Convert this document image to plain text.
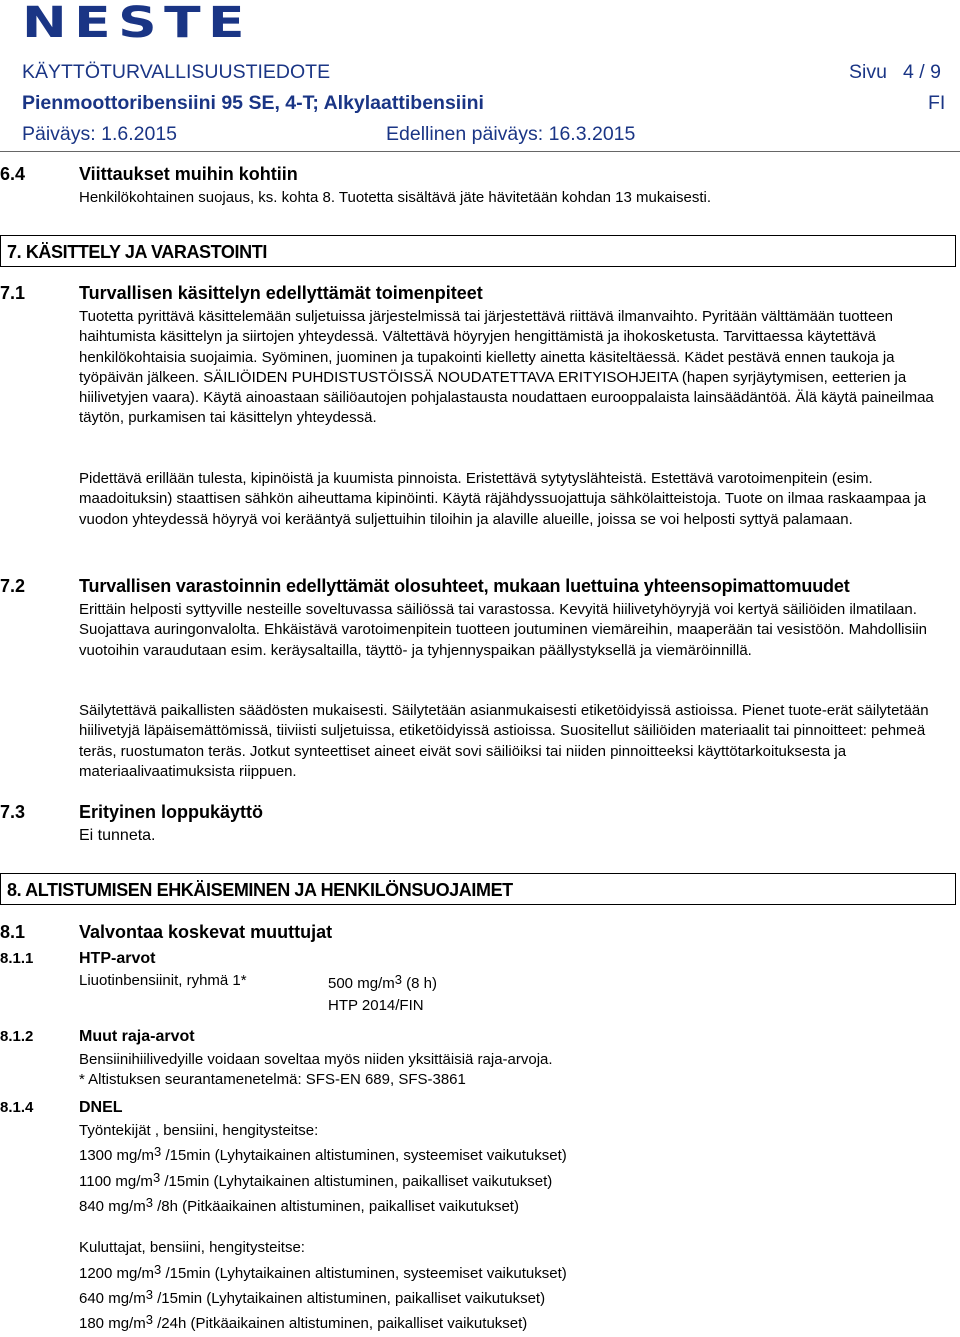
NESTE
KÄYTTÖTURVALLISUUSTIEDOTE	Sivu 4 / 9
Pienmoottoribensiini 95 SE, 4-T; Alkylaattibensiini	FI
Päiväys: 1.6.2015	Edellinen päiväys: 16.3.2015
6.4	Viittaukset muihin kohtiin
Henkilökohtainen suojaus, ks. kohta 8. Tuotetta sisältävä jäte hävitetään kohdan 13 mukaisesti.
7. KÄSITTELY JA VARASTOINTI
7.1	Turvallisen käsittelyn edellyttämät toimenpiteet
Tuotetta pyrittävä käsittelemään suljetuissa järjestelmissä tai järjestettävä riittävä ilmanvaihto. Pyritään välttämään tuotteen haihtumista käsittelyn ja siirtojen yhteydessä. Vältettävä höyryjen hengittämistä ja ihokosketusta. Tarvittaessa käytettävä henkilökohtaisia suojaimia. Syöminen, juominen ja tupakointi kielletty ainetta käsiteltäessä. Kädet pestävä ennen taukoja ja työpäivän jälkeen. SÄILIÖIDEN PUHDISTUSTÖISSÄ NOUDATETTAVA ERITYISOHJEITA (hapen syrjäytymisen, eetterien ja hiilivetyjen vaara). Käytä ainoastaan säiliöautojen pohjalastausta noudattaen eurooppalaista lainsäädäntöä. Älä käytä paineilmaa täytön, purkamisen tai käsittelyn yhteydessä.
Pidettävä erillään tulesta, kipinöistä ja kuumista pinnoista. Eristettävä sytytyslähteistä. Estettävä varotoimenpitein (esim. maadoituksin) staattisen sähkön aiheuttama kipinöinti. Käytä räjähdyssuojattuja sähkölaitteistoja. Tuote on ilmaa raskaampaa ja vuodon yhteydessä höyryä voi kerääntyä suljettuihin tiloihin ja alaville alueille, joissa se voi helposti syttyä palamaan.
7.2	Turvallisen varastoinnin edellyttämät olosuhteet, mukaan luettuina yhteensopimattomuudet
Erittäin helposti syttyville nesteille soveltuvassa säiliössä tai varastossa. Kevyitä hiilivetyhöyryjä voi kertyä säiliöiden ilmatilaan. Suojattava auringonvalolta. Ehkäistävä varotoimenpitein tuotteen joutuminen viemäreihin, maaperään tai vesistöön. Mahdollisiin vuotoihin varaudutaan esim. keräysaltailla, täyttö- ja tyhjennyspaikan päällystyksellä ja viemäröinnillä.
Säilytettävä paikallisten säädösten mukaisesti. Säilytetään asianmukaisesti etiketöidyissä astioissa. Pienet tuote-erät säilytetään hiilivetyjä läpäisemättömissä, tiiviisti suljetuissa, etiketöidyissä astioissa. Suositellut säiliöiden materiaalit tai pinnoitteet: pehmeä teräs, ruostumaton teräs. Jotkut synteettiset aineet eivät sovi säiliöiksi tai niiden pinnoitteeksi käyttötarkoituksesta ja materiaalivaatimuksista riippuen.
7.3	Erityinen loppukäyttö
Ei tunneta.
8. ALTISTUMISEN EHKÄISEMINEN JA HENKILÖNSUOJAIMET
8.1	Valvontaa koskevat muuttujat
8.1.1	HTP-arvot
Liuotinbensiinit, ryhmä 1*	500 $mg/m^3$ (8 h)
HTP 2014/FIN
8.1.2	Muut raja-arvot
Bensiinihiilivedyille voidaan soveltaa myös niiden yksittäisiä raja-arvoja.
* Altistuksen seurantamenetelmä: SFS-EN 689, SFS-3861
8.1.4	DNEL
Työntekijät , bensiini, hengitysteitse:
1300 $mg/m^3$ /15min (Lyhytaikainen altistuminen, systeemiset vaikutukset)
1100 $mg/m^3$ /15min (Lyhytaikainen altistuminen, paikalliset vaikutukset)
840 $mg/m^3$ /8h (Pitkäaikainen altistuminen, paikalliset vaikutukset)
Kuluttajat, bensiini, hengitysteitse:
1200 $mg/m^3$ /15min (Lyhytaikainen altistuminen, systeemiset vaikutukset)
640 $mg/m^3$ /15min (Lyhytaikainen altistuminen, paikalliset vaikutukset)
180 $mg/m^3$ /24h (Pitkäaikainen altistuminen, paikalliset vaikutukset)
